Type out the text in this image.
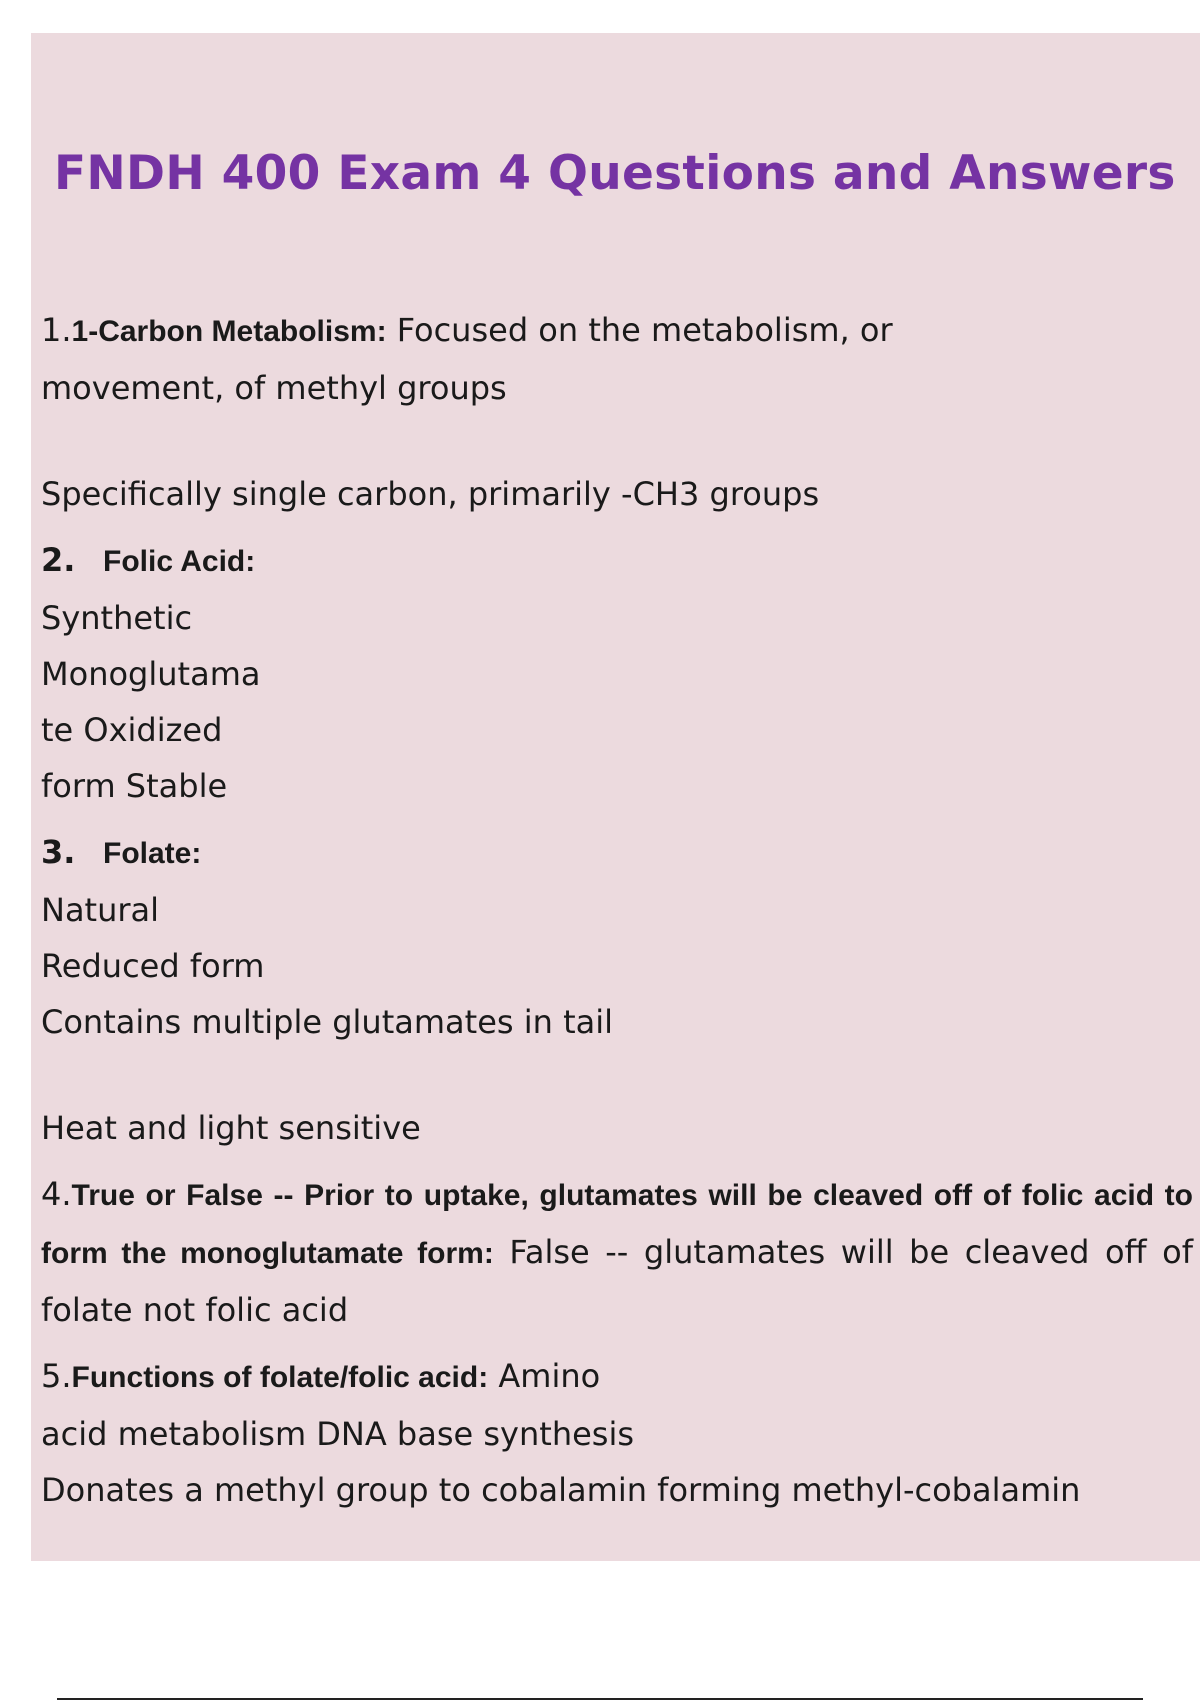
FNDH 400 Exam 4 Questions and Answers

1.1-Carbon Metabolism: Focused on the metabolism, or

movement, of methyl groups

Specifically single carbon, primarily -CH3 groups

2. Folic Acid:

Synthetic

Monoglutama

te Oxidized

form Stable

3. Folate:

Natural

Reduced form

Contains multiple glutamates in tail

Heat and light sensitive

4.True or False -- Prior to uptake, glutamates will be cleaved off of folic acid to form the monoglutamate form: False -- glutamates will be cleaved off of folate not folic acid

5.Functions of folate/folic acid: Amino

acid metabolism DNA base synthesis

Donates a methyl group to cobalamin forming methyl-cobalamin
